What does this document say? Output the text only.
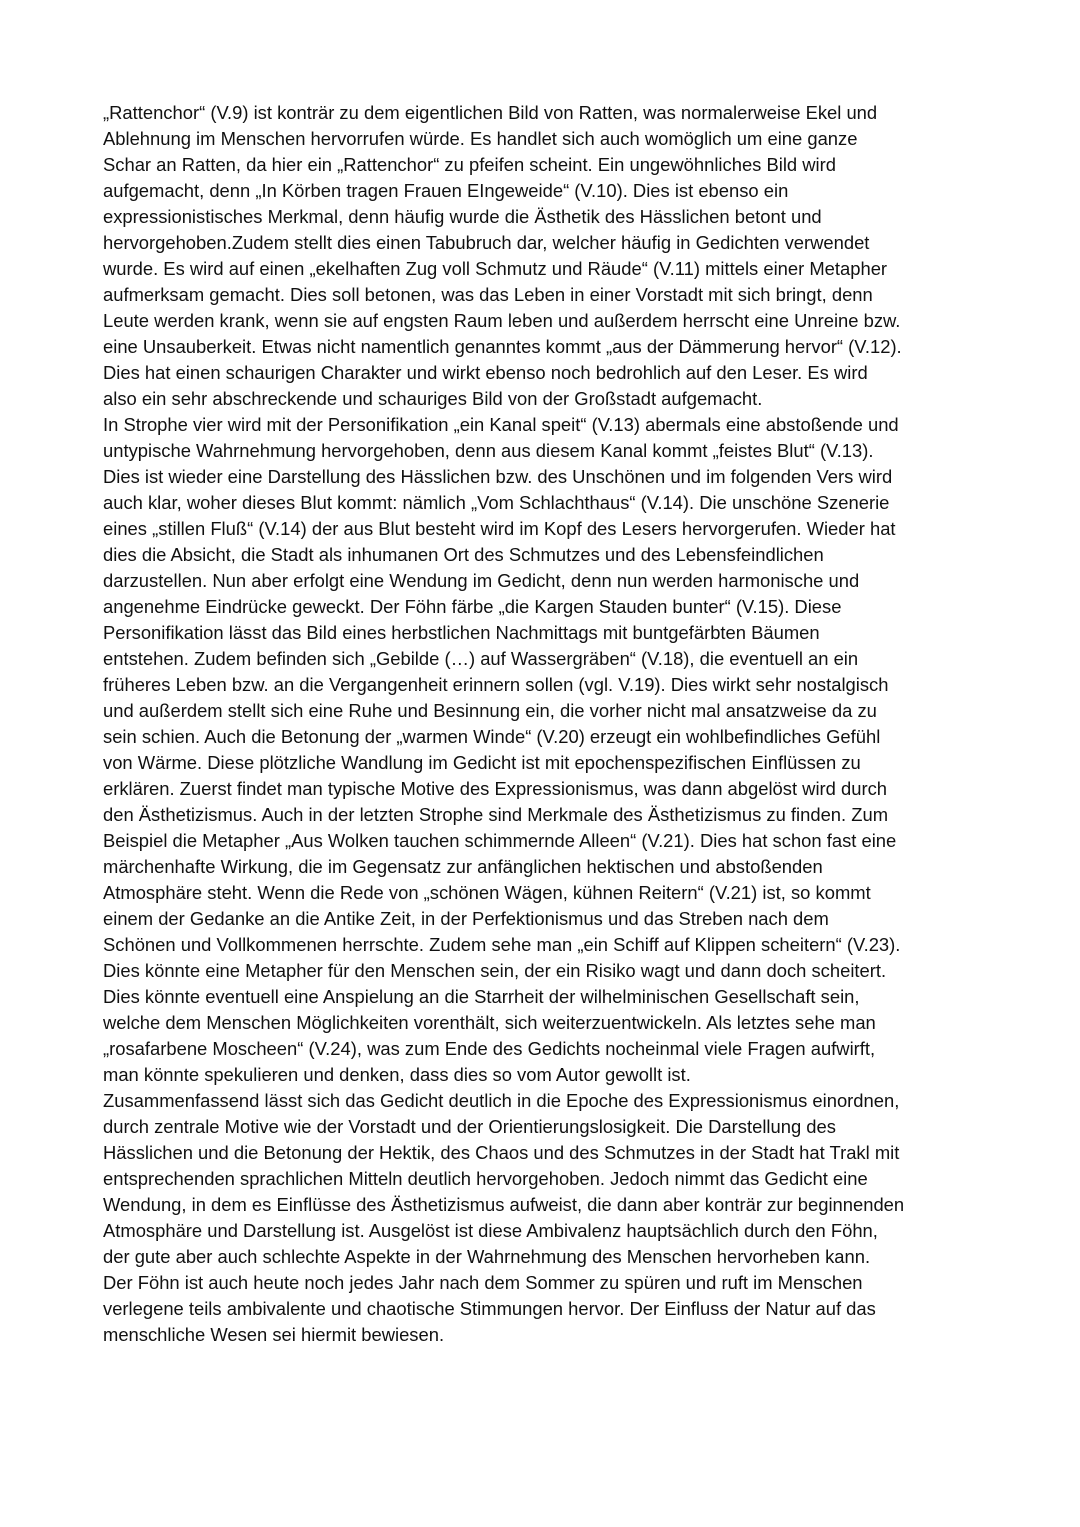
„Rattenchor“ (V.9) ist konträr zu dem eigentlichen Bild von Ratten, was normalerweise Ekel und
Ablehnung im Menschen hervorrufen würde. Es handlet sich auch womöglich um eine ganze
Schar an Ratten, da hier ein „Rattenchor“ zu pfeifen scheint. Ein ungewöhnliches Bild wird
aufgemacht, denn „In Körben tragen Frauen EIngeweide“ (V.10). Dies ist ebenso ein
expressionistisches Merkmal, denn häufig wurde die Ästhetik des Hässlichen betont und
hervorgehoben.Zudem stellt dies einen Tabubruch dar, welcher häufig in Gedichten verwendet
wurde. Es wird auf einen „ekelhaften Zug voll Schmutz und Räude“ (V.11) mittels einer Metapher
aufmerksam gemacht. Dies soll betonen, was das Leben in einer Vorstadt mit sich bringt, denn
Leute werden krank, wenn sie auf engsten Raum leben und außerdem herrscht eine Unreine bzw.
eine Unsauberkeit. Etwas nicht namentlich genanntes kommt „aus der Dämmerung hervor“ (V.12).
Dies hat einen schaurigen Charakter und wirkt ebenso noch bedrohlich auf den Leser. Es wird
also ein sehr abschreckende und schauriges Bild von der Großstadt aufgemacht.
In Strophe vier wird mit der Personifikation „ein Kanal speit“ (V.13) abermals eine abstoßende und
untypische Wahrnehmung hervorgehoben, denn aus diesem Kanal kommt „feistes Blut“ (V.13).
Dies ist wieder eine Darstellung des Hässlichen bzw. des Unschönen und im folgenden Vers wird
auch klar, woher dieses Blut kommt: nämlich „Vom Schlachthaus“ (V.14). Die unschöne Szenerie
eines „stillen Fluß“ (V.14) der aus Blut besteht wird im Kopf des Lesers hervorgerufen. Wieder hat
dies die Absicht, die Stadt als inhumanen Ort des Schmutzes und des Lebensfeindlichen
darzustellen. Nun aber erfolgt eine Wendung im Gedicht, denn nun werden harmonische und
angenehme Eindrücke geweckt. Der Föhn färbe „die Kargen Stauden bunter“ (V.15). Diese
Personifikation lässt das Bild eines herbstlichen Nachmittags mit buntgefärbten Bäumen
entstehen. Zudem befinden sich „Gebilde (…) auf Wassergräben“ (V.18), die eventuell an ein
früheres Leben bzw. an die Vergangenheit erinnern sollen (vgl. V.19). Dies wirkt sehr nostalgisch
und außerdem stellt sich eine Ruhe und Besinnung ein, die vorher nicht mal ansatzweise da zu
sein schien. Auch die Betonung der „warmen Winde“ (V.20) erzeugt ein wohlbefindliches Gefühl
von Wärme. Diese plötzliche Wandlung im Gedicht ist mit epochenspezifischen Einflüssen zu
erklären. Zuerst findet man typische Motive des Expressionismus, was dann abgelöst wird durch
den Ästhetizismus. Auch in der letzten Strophe sind Merkmale des Ästhetizismus zu finden. Zum
Beispiel die Metapher „Aus Wolken tauchen schimmernde Alleen“ (V.21). Dies hat schon fast eine
märchenhafte Wirkung, die im Gegensatz zur anfänglichen hektischen und abstoßenden
Atmosphäre steht. Wenn die Rede von „schönen Wägen, kühnen Reitern“ (V.21) ist, so kommt
einem der Gedanke an die Antike Zeit, in der Perfektionismus und das Streben nach dem
Schönen und Vollkommenen herrschte. Zudem sehe man „ein Schiff auf Klippen scheitern“ (V.23).
Dies könnte eine Metapher für den Menschen sein, der ein Risiko wagt und dann doch scheitert.
Dies könnte eventuell eine Anspielung an die Starrheit der wilhelminischen Gesellschaft sein,
welche dem Menschen Möglichkeiten vorenthält, sich weiterzuentwickeln. Als letztes sehe man
„rosafarbene Moscheen“ (V.24), was zum Ende des Gedichts nocheinmal viele Fragen aufwirft,
man könnte spekulieren und denken, dass dies so vom Autor gewollt ist.
Zusammenfassend lässt sich das Gedicht deutlich in die Epoche des Expressionismus einordnen,
durch zentrale Motive wie der Vorstadt und der Orientierungslosigkeit. Die Darstellung des
Hässlichen und die Betonung der Hektik, des Chaos und des Schmutzes in der Stadt hat Trakl mit
entsprechenden sprachlichen Mitteln deutlich hervorgehoben. Jedoch nimmt das Gedicht eine
Wendung, in dem es Einflüsse des Ästhetizismus aufweist, die dann aber konträr zur beginnenden
Atmosphäre und Darstellung ist. Ausgelöst ist diese Ambivalenz hauptsächlich durch den Föhn,
der gute aber auch schlechte Aspekte in der Wahrnehmung des Menschen hervorheben kann.
Der Föhn ist auch heute noch jedes Jahr nach dem Sommer zu spüren und ruft im Menschen
verlegene teils ambivalente und chaotische Stimmungen hervor. Der Einfluss der Natur auf das
menschliche Wesen sei hiermit bewiesen.
